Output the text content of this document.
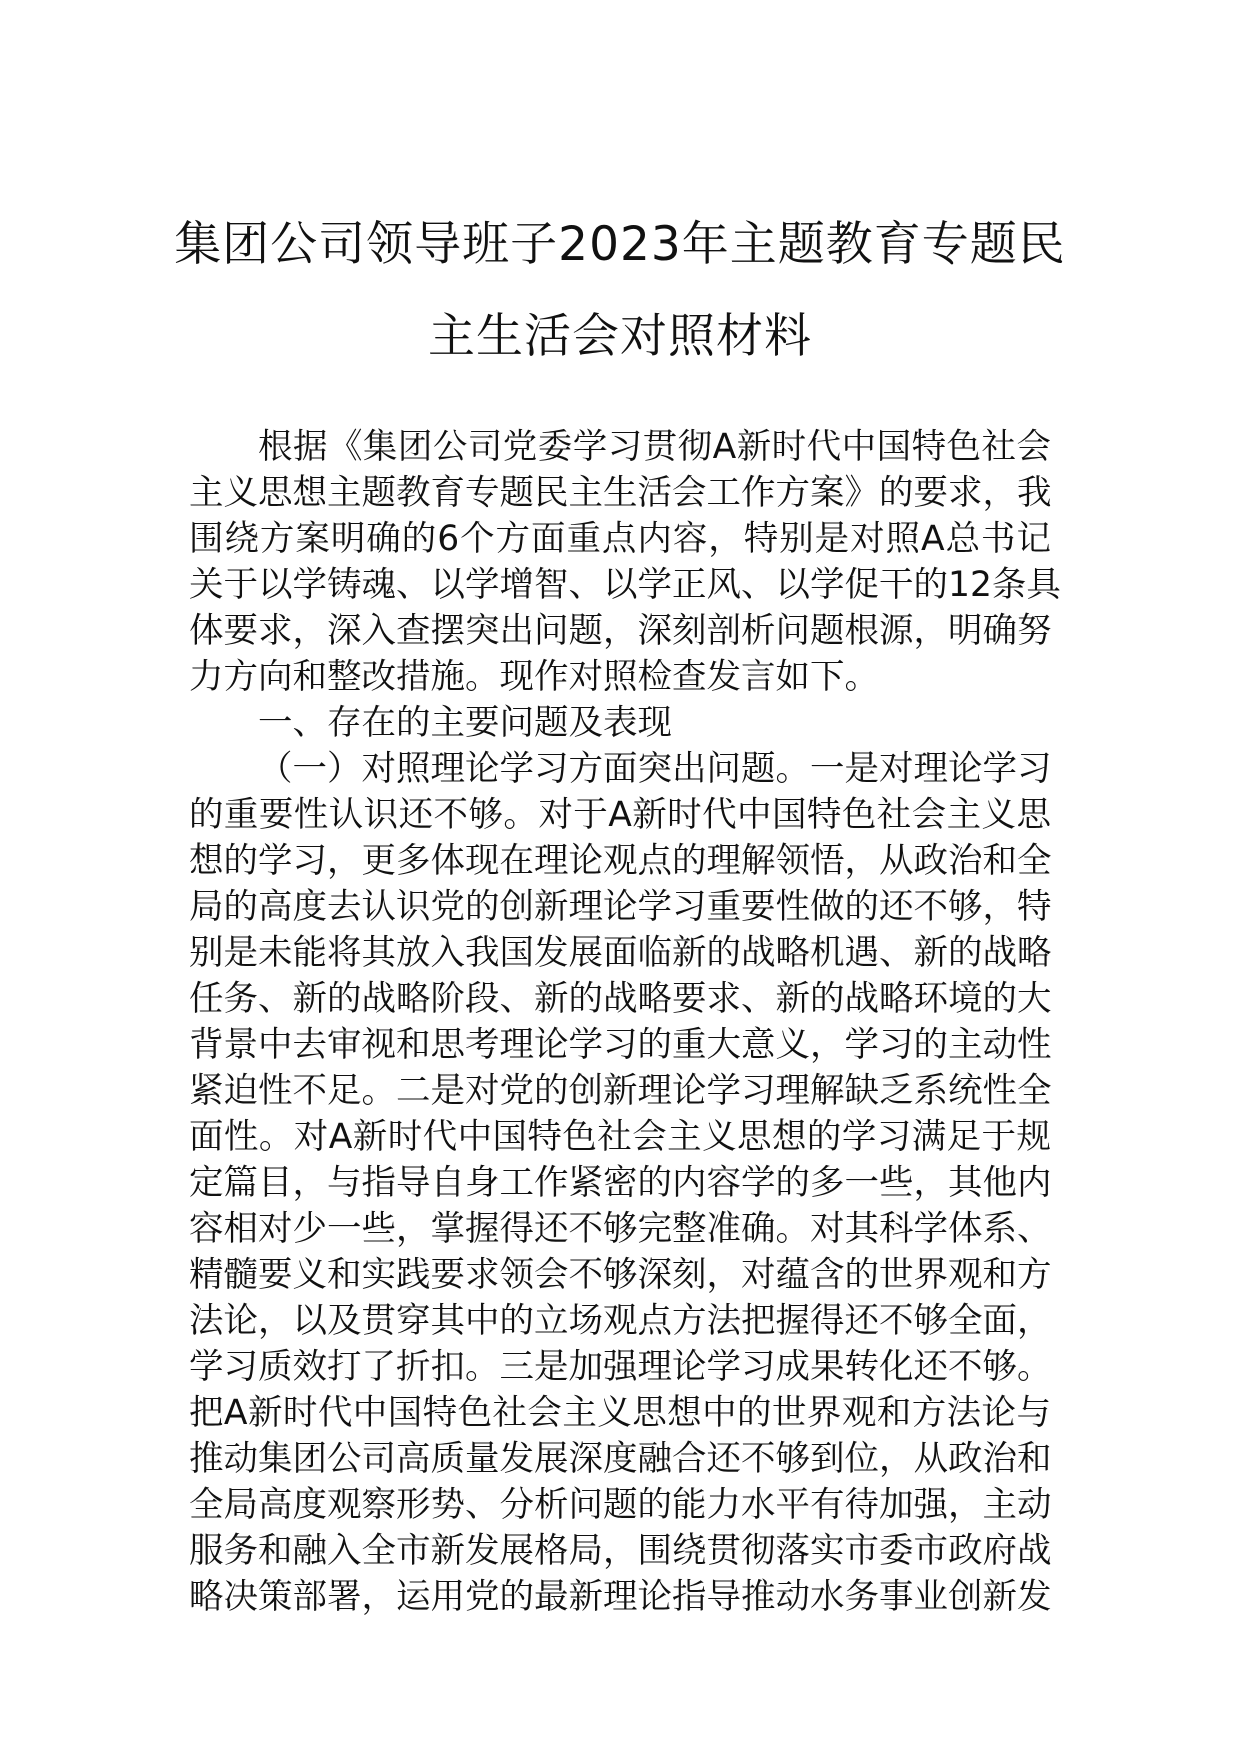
集团公司领导班子2023年主题教育专题民
主生活会对照材料
根据《集团公司党委学习贯彻A新时代中国特色社会
主义思想主题教育专题民主生活会工作方案》的要求，我
围绕方案明确的6个方面重点内容，特别是对照A总书记
关于以学铸魂、以学增智、以学正风、以学促干的12条具
体要求，深入查摆突出问题，深刻剖析问题根源，明确努
力方向和整改措施。现作对照检查发言如下。
一、存在的主要问题及表现
（一）对照理论学习方面突出问题。一是对理论学习
的重要性认识还不够。对于A新时代中国特色社会主义思
想的学习，更多体现在理论观点的理解领悟，从政治和全
局的高度去认识党的创新理论学习重要性做的还不够，特
别是未能将其放入我国发展面临新的战略机遇、新的战略
任务、新的战略阶段、新的战略要求、新的战略环境的大
背景中去审视和思考理论学习的重大意义，学习的主动性
紧迫性不足。二是对党的创新理论学习理解缺乏系统性全
面性。对A新时代中国特色社会主义思想的学习满足于规
定篇目，与指导自身工作紧密的内容学的多一些，其他内
容相对少一些，掌握得还不够完整准确。对其科学体系、
精髓要义和实践要求领会不够深刻，对蕴含的世界观和方
法论，以及贯穿其中的立场观点方法把握得还不够全面，
学习质效打了折扣。三是加强理论学习成果转化还不够。
把A新时代中国特色社会主义思想中的世界观和方法论与
推动集团公司高质量发展深度融合还不够到位，从政治和
全局高度观察形势、分析问题的能力水平有待加强，主动
服务和融入全市新发展格局，围绕贯彻落实市委市政府战
略决策部署，运用党的最新理论指导推动水务事业创新发
